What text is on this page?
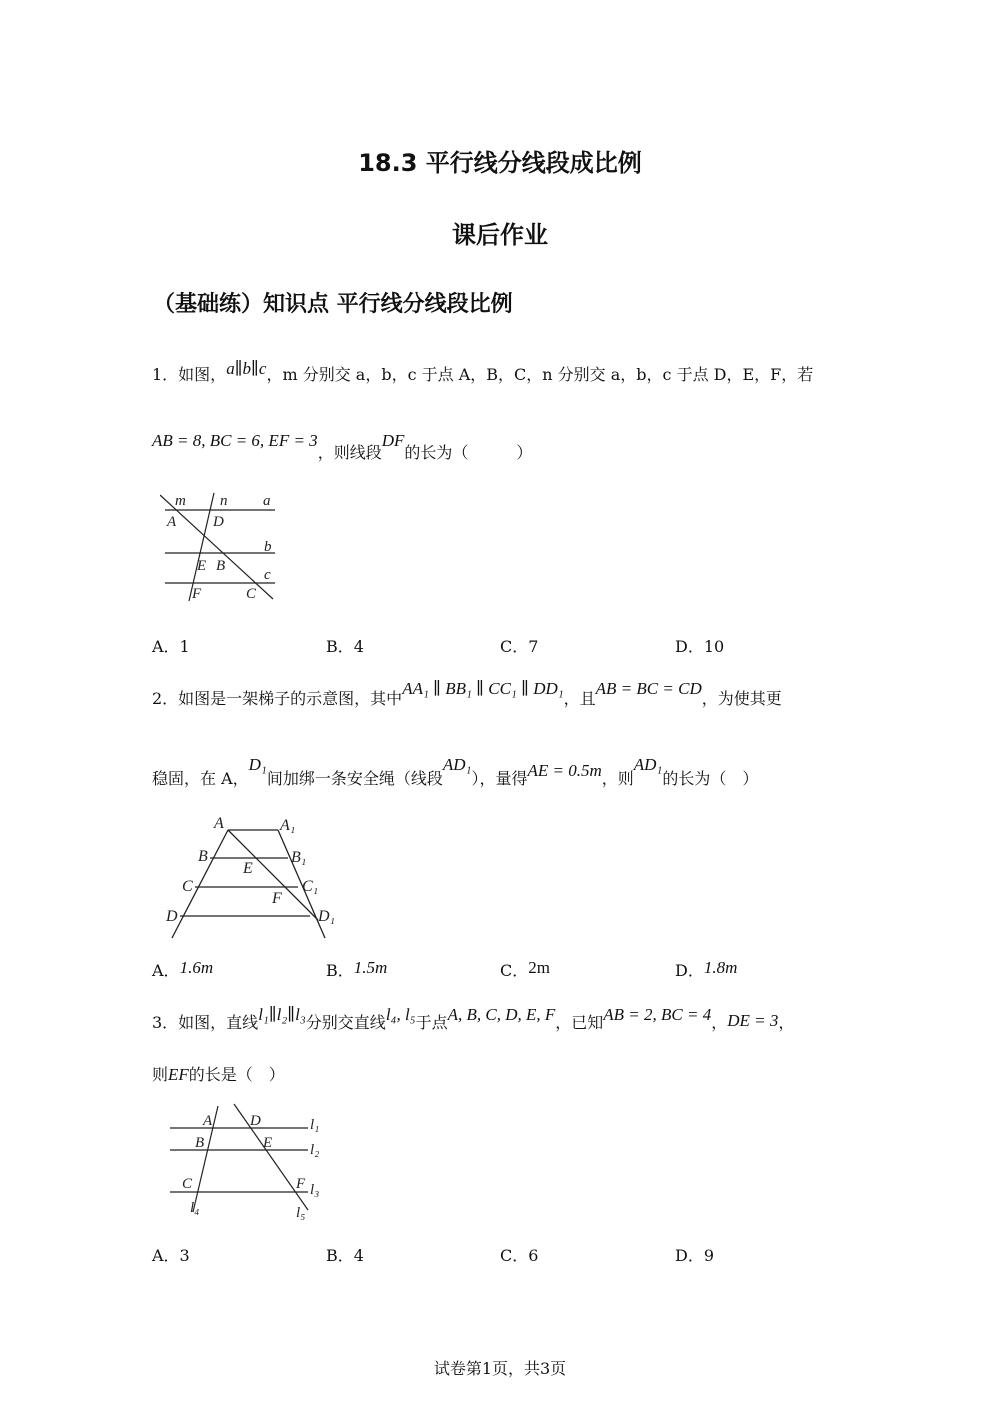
18.3 平行线分线段成比例
课后作业
（基础练）知识点 平行线分线段比例
1．如图，a∥b∥c，m 分别交 a，b，c 于点 A，B，C，n 分别交 a，b，c 于点 D，E，F，若
AB = 8, BC = 6, EF = 3，则线段DF的长为（　　　）
m n a
A D
b
E B
c
F	C
A．1	B．4	C．7	D．10
2．如图是一架梯子的示意图，其中AA₁ ∥ BB₁ ∥ CC₁ ∥ DD₁，且AB = BC = CD，为使其更
稳固，在 A，D₁间加绑一条安全绳（线段AD₁），量得AE = 0.5m，则AD₁的长为（　）
A	A₁
B	B₁
E
C	C₁
F
D	D₁
A．1.6m	B．1.5m	C．2m	D．1.8m
3．如图，直线l₁∥l₂∥l₃分别交直线l₄, l₅于点A, B, C, D, E, F，已知AB = 2, BC = 4，DE = 3，
则EF的长是（　）
A	D	l₁
B	E	l₂
C	F l₃
l₄	l₅
A．3	B．4	C．6	D．9
试卷第1页，共3页
